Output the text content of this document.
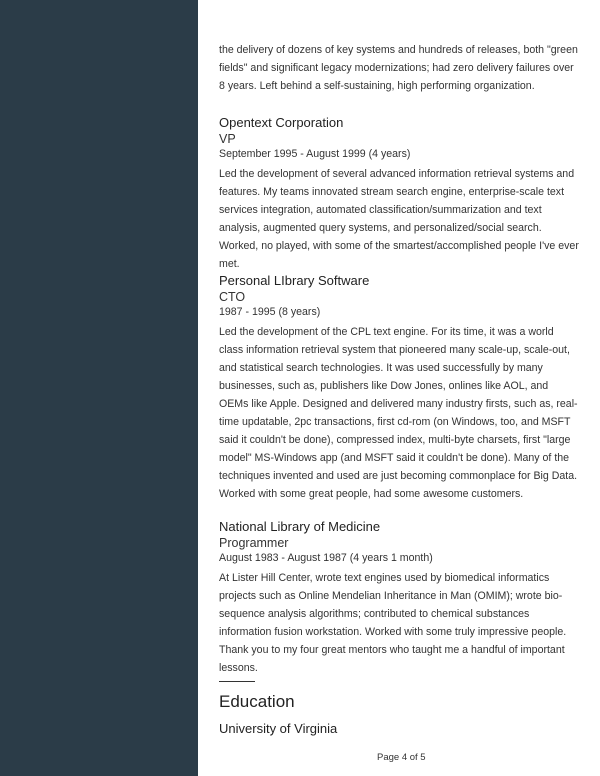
the delivery of dozens of key systems and hundreds of releases, both "green fields" and significant legacy modernizations; had zero delivery failures over 8 years. Left behind a self-sustaining, high performing organization.

Opentext Corporation

VP

September 1995 - August 1999 (4 years)

Led the development of several advanced information retrieval systems and features. My teams innovated stream search engine, enterprise-scale text services integration, automated classification/summarization and text analysis, augmented query systems, and personalized/social search. Worked, no played, with some of the smartest/accomplished people I've ever met.

Personal LIbrary Software

CTO

1987 - 1995 (8 years)

Led the development of the CPL text engine. For its time, it was a world class information retrieval system that pioneered many scale-up, scale-out, and statistical search technologies. It was used successfully by many businesses, such as, publishers like Dow Jones, onlines like AOL, and OEMs like Apple. Designed and delivered many industry firsts, such as, real-time updatable, 2pc transactions, first cd-rom (on Windows, too, and MSFT said it couldn't be done), compressed index, multi-byte charsets, first "large model" MS-Windows app (and MSFT said it couldn't be done). Many of the techniques invented and used are just becoming commonplace for Big Data. Worked with some great people, had some awesome customers.

National Library of Medicine

Programmer

August 1983 - August 1987 (4 years 1 month)

At Lister Hill Center, wrote text engines used by biomedical informatics projects such as Online Mendelian Inheritance in Man (OMIM); wrote bio-sequence analysis algorithms; contributed to chemical substances information fusion workstation. Worked with some truly impressive people. Thank you to my four great mentors who taught me a handful of important lessons.

Education

University of Virginia

Page 4 of 5
